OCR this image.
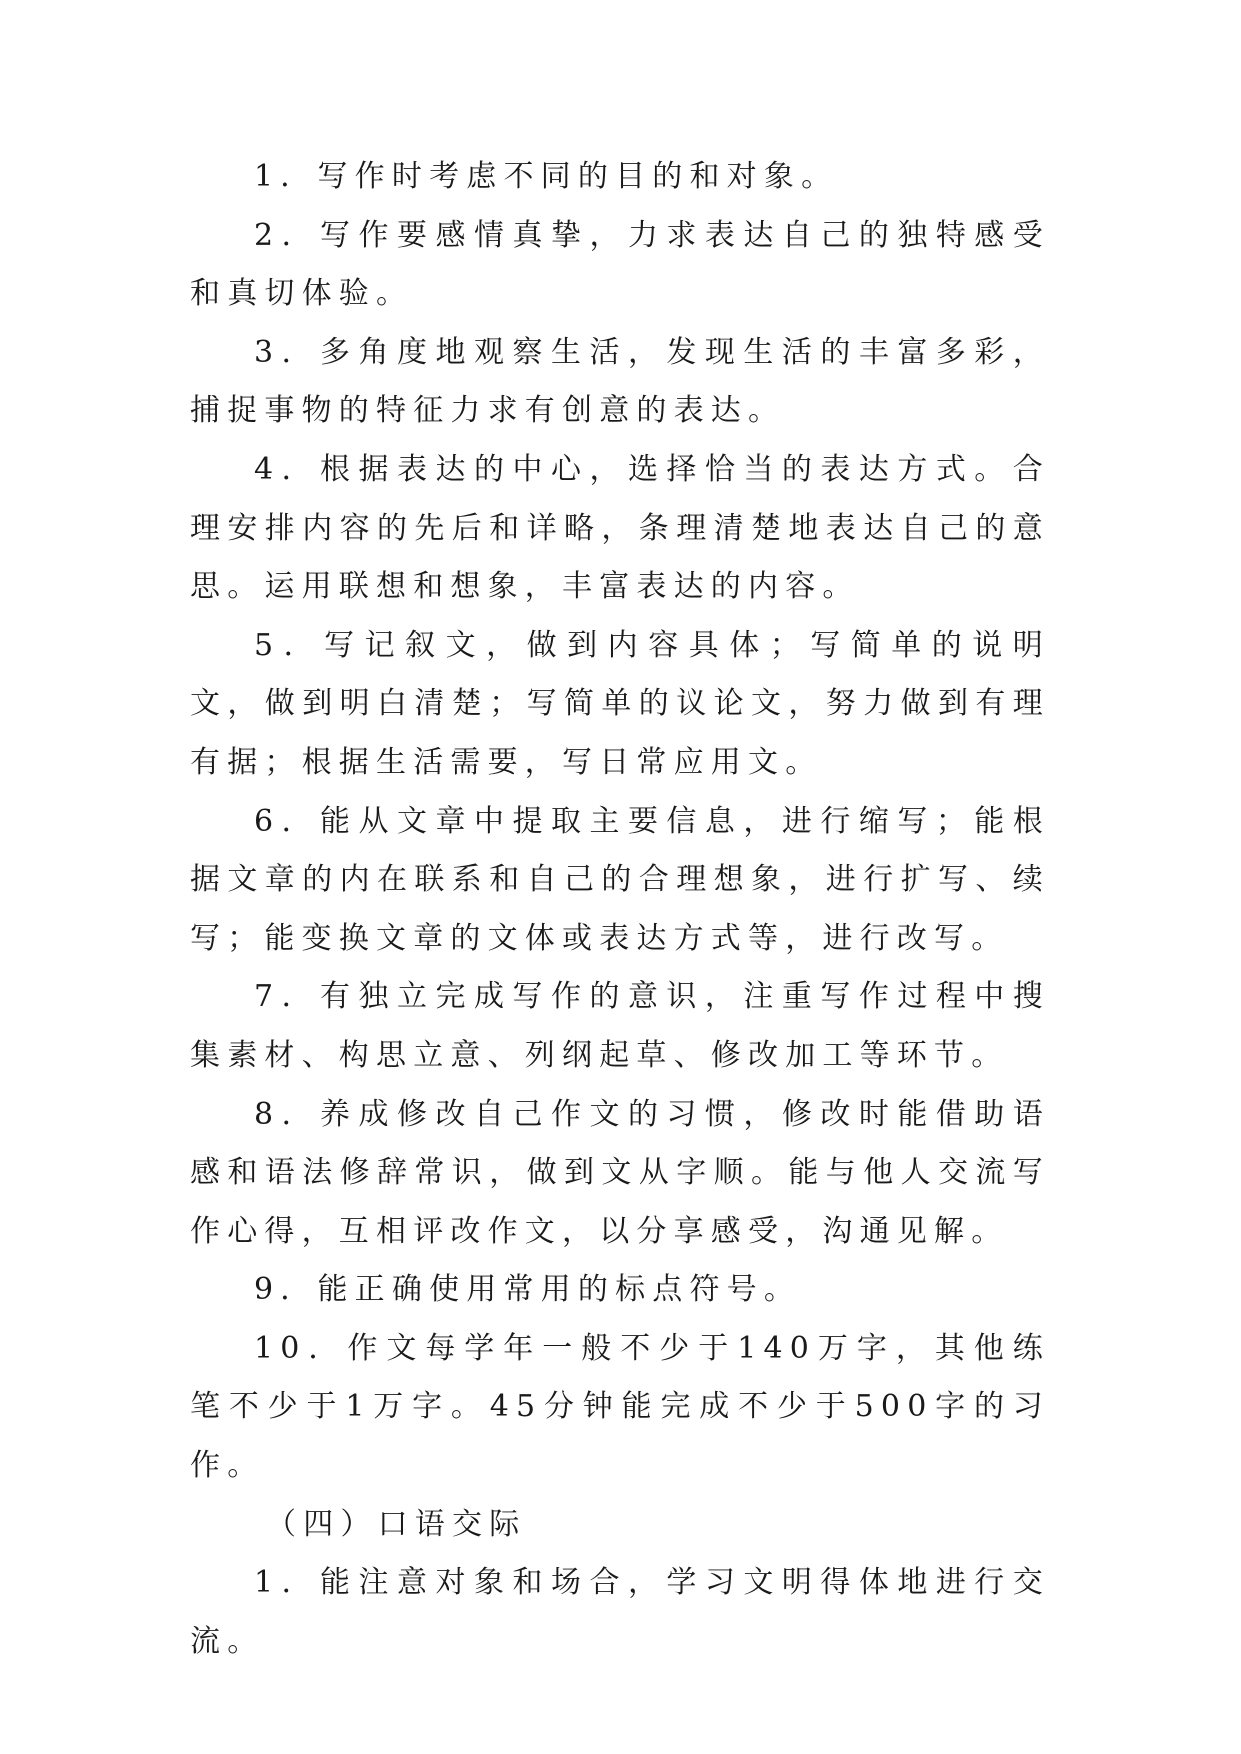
1．写作时考虑不同的目的和对象。

2．写作要感情真挚，力求表达自己的独特感受和真切体验。

3．多角度地观察生活，发现生活的丰富多彩，捕捉事物的特征力求有创意的表达。

4．根据表达的中心，选择恰当的表达方式。合理安排内容的先后和详略，条理清楚地表达自己的意思。运用联想和想象，丰富表达的内容。

5．写记叙文，做到内容具体；写简单的说明文，做到明白清楚；写简单的议论文，努力做到有理有据；根据生活需要，写日常应用文。

6．能从文章中提取主要信息，进行缩写；能根据文章的内在联系和自己的合理想象，进行扩写、续写；能变换文章的文体或表达方式等，进行改写。

7．有独立完成写作的意识，注重写作过程中搜集素材、构思立意、列纲起草、修改加工等环节。

8．养成修改自己作文的习惯，修改时能借助语感和语法修辞常识，做到文从字顺。能与他人交流写作心得，互相评改作文，以分享感受，沟通见解。

9．能正确使用常用的标点符号。

10．作文每学年一般不少于140万字，其他练笔不少于1万字。45分钟能完成不少于500字的习作。

（四）口语交际

1．能注意对象和场合，学习文明得体地进行交流。
